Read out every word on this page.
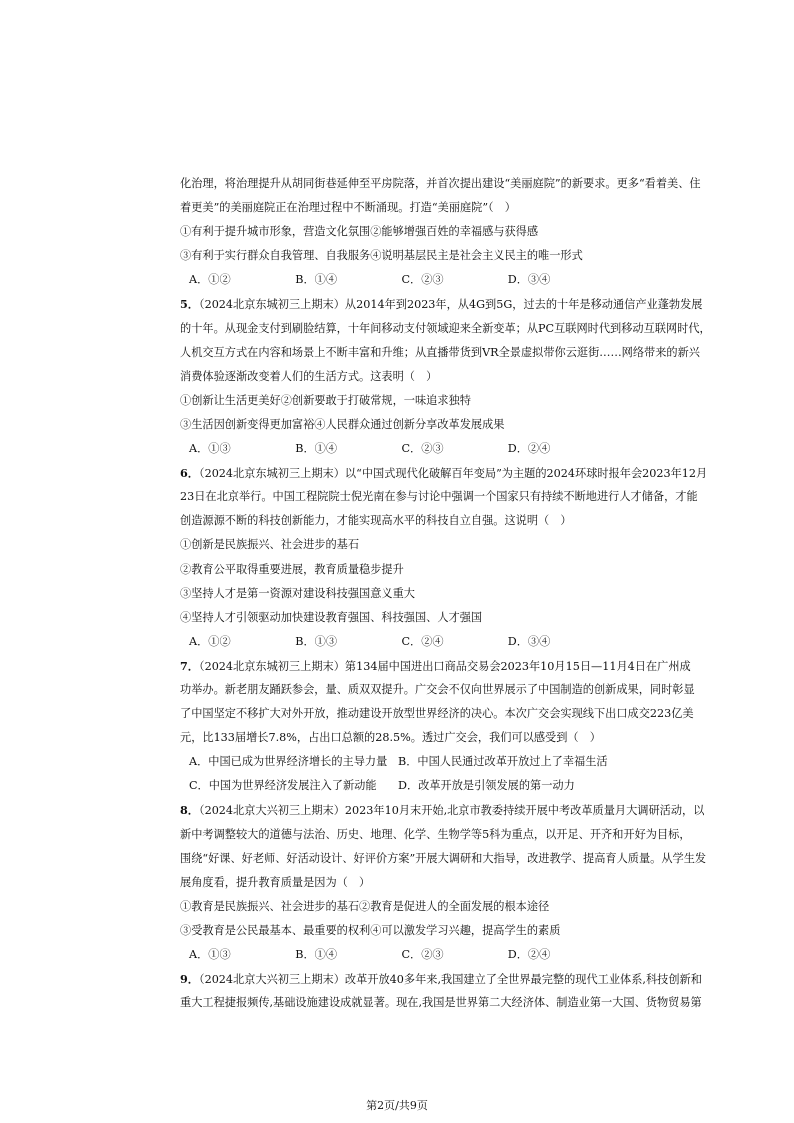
化治理，将治理提升从胡同街巷延伸至平房院落，并首次提出建设“美丽庭院”的新要求。更多“看着美、住
着更美”的美丽庭院正在治理过程中不断涌现。打造“美丽庭院”（　）
①有利于提升城市形象，营造文化氛围②能够增强百姓的幸福感与获得感
③有利于实行群众自我管理、自我服务④说明基层民主是社会主义民主的唯一形式
A．①②	B．①④	C．②③	D．③④
5．（2024北京东城初三上期末）从2014年到2023年，从4G到5G，过去的十年是移动通信产业蓬勃发展
的十年。从现金支付到刷脸结算，十年间移动支付领域迎来全新变革；从PC互联网时代到移动互联网时代，
人机交互方式在内容和场景上不断丰富和升维；从直播带货到VR全景虚拟带你云逛街……网络带来的新兴
消费体验逐渐改变着人们的生活方式。这表明（　）
①创新让生活更美好②创新要敢于打破常规，一味追求独特
③生活因创新变得更加富裕④人民群众通过创新分享改革发展成果
A．①③	B．①④	C．②③	D．②④
6．（2024北京东城初三上期末）以“中国式现代化破解百年变局”为主题的2024环球时报年会2023年12月
23日在北京举行。中国工程院院士倪光南在参与讨论中强调一个国家只有持续不断地进行人才储备，才能
创造源源不断的科技创新能力，才能实现高水平的科技自立自强。这说明（　）
①创新是民族振兴、社会进步的基石
②教育公平取得重要进展，教育质量稳步提升
③坚持人才是第一资源对建设科技强国意义重大
④坚持人才引领驱动加快建设教育强国、科技强国、人才强国
A．①②	B．①③	C．②④	D．③④
7．（2024北京东城初三上期末）第134届中国进出口商品交易会2023年10月15日—11月4日在广州成
功举办。新老朋友踊跃参会，量、质双双提升。广交会不仅向世界展示了中国制造的创新成果，同时彰显
了中国坚定不移扩大对外开放，推动建设开放型世界经济的决心。本次广交会实现线下出口成交223亿美
元，比133届增长7.8%，占出口总额的28.5%。透过广交会，我们可以感受到（　）
A．中国已成为世界经济增长的主导力量 B．中国人民通过改革开放过上了幸福生活
C．中国为世界经济发展注入了新动能	D．改革开放是引领发展的第一动力
8．（2024北京大兴初三上期末）2023年10月末开始,北京市教委持续开展中考改革质量月大调研活动，以
新中考调整较大的道德与法治、历史、地理、化学、生物学等5科为重点，以开足、开齐和开好为目标，
围绕“好课、好老师、好活动设计、好评价方案”开展大调研和大指导，改进教学、提高育人质量。从学生发
展角度看，提升教育质量是因为（　）
①教育是民族振兴、社会进步的基石②教育是促进人的全面发展的根本途径
③受教育是公民最基本、最重要的权利④可以激发学习兴趣，提高学生的素质
A．①③	B．①④	C．②③	D．②④
9．（2024北京大兴初三上期末）改革开放40多年来,我国建立了全世界最完整的现代工业体系,科技创新和
重大工程捷报频传,基础设施建设成就显著。现在,我国是世界第二大经济体、制造业第一大国、货物贸易第
第2页/共9页
